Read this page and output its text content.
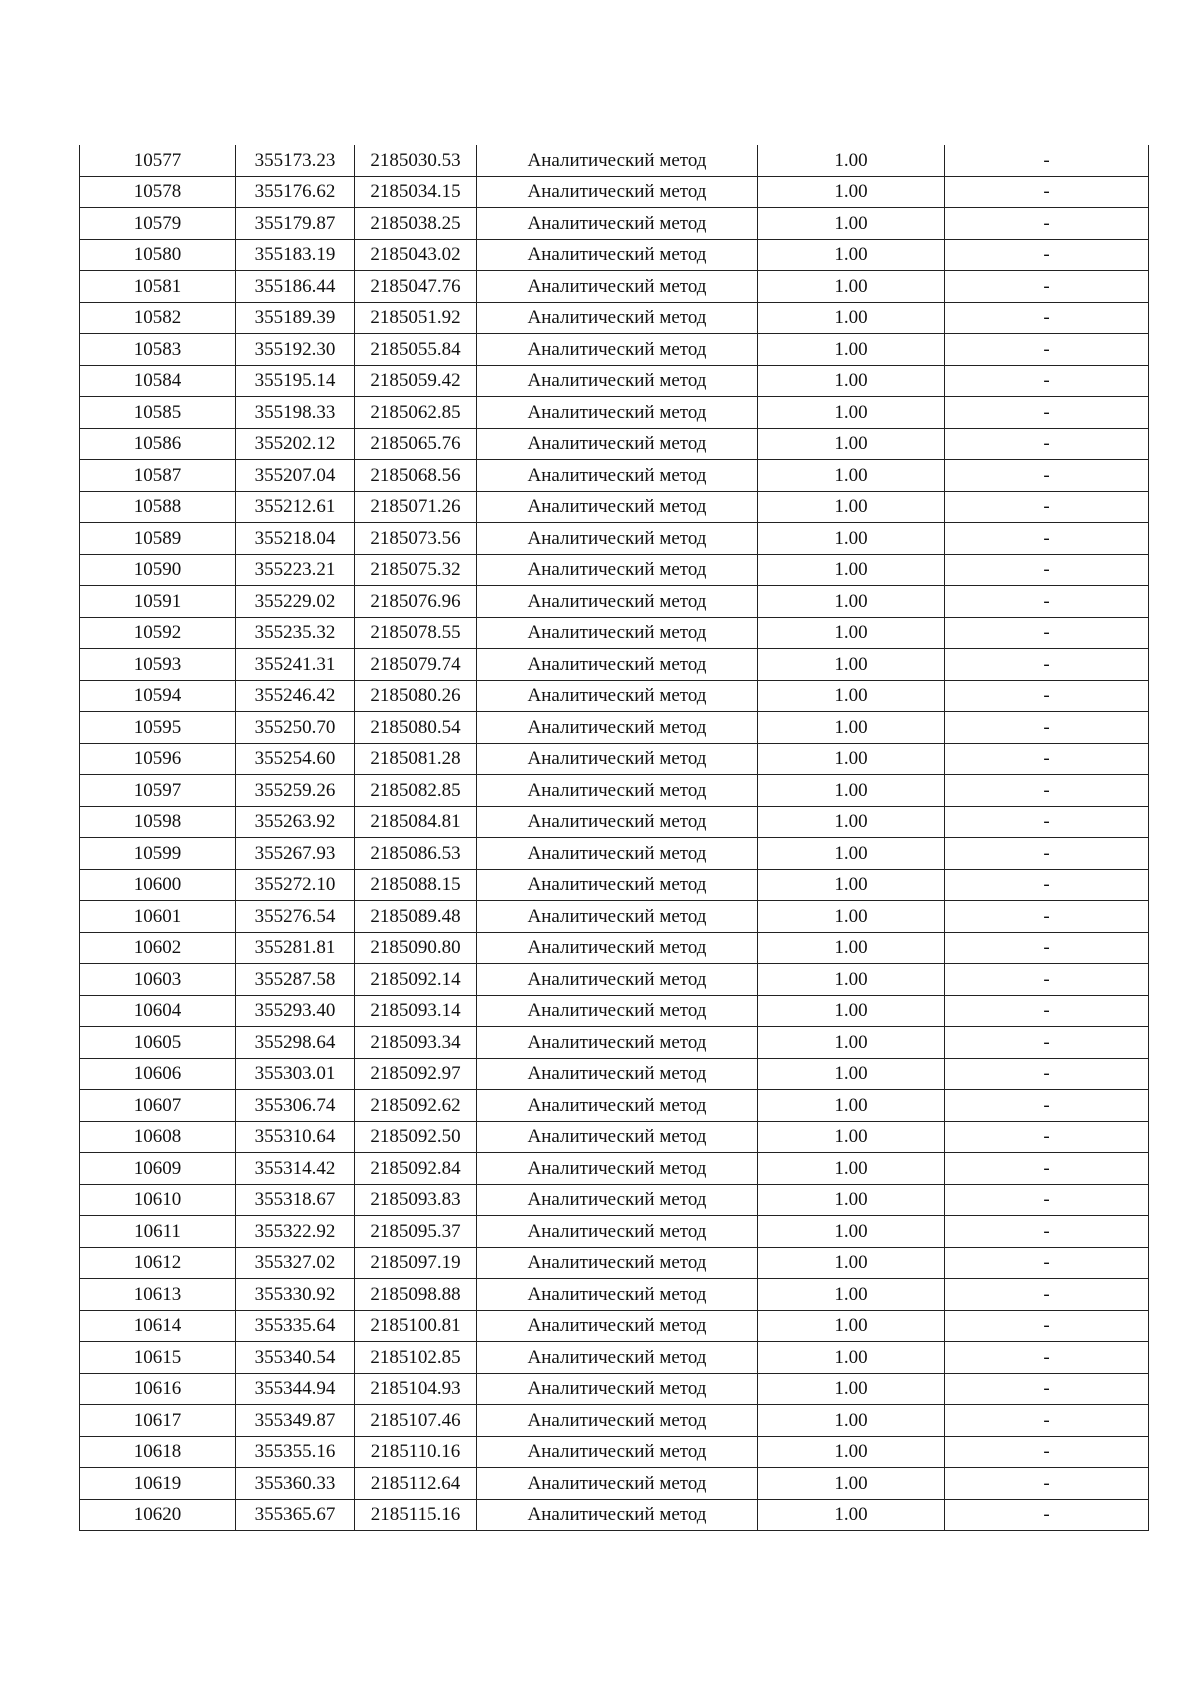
10577	355173.23	2185030.53	Аналитический метод	1.00	-
10578	355176.62	2185034.15	Аналитический метод	1.00	-
10579	355179.87	2185038.25	Аналитический метод	1.00	-
10580	355183.19	2185043.02	Аналитический метод	1.00	-
10581	355186.44	2185047.76	Аналитический метод	1.00	-
10582	355189.39	2185051.92	Аналитический метод	1.00	-
10583	355192.30	2185055.84	Аналитический метод	1.00	-
10584	355195.14	2185059.42	Аналитический метод	1.00	-
10585	355198.33	2185062.85	Аналитический метод	1.00	-
10586	355202.12	2185065.76	Аналитический метод	1.00	-
10587	355207.04	2185068.56	Аналитический метод	1.00	-
10588	355212.61	2185071.26	Аналитический метод	1.00	-
10589	355218.04	2185073.56	Аналитический метод	1.00	-
10590	355223.21	2185075.32	Аналитический метод	1.00	-
10591	355229.02	2185076.96	Аналитический метод	1.00	-
10592	355235.32	2185078.55	Аналитический метод	1.00	-
10593	355241.31	2185079.74	Аналитический метод	1.00	-
10594	355246.42	2185080.26	Аналитический метод	1.00	-
10595	355250.70	2185080.54	Аналитический метод	1.00	-
10596	355254.60	2185081.28	Аналитический метод	1.00	-
10597	355259.26	2185082.85	Аналитический метод	1.00	-
10598	355263.92	2185084.81	Аналитический метод	1.00	-
10599	355267.93	2185086.53	Аналитический метод	1.00	-
10600	355272.10	2185088.15	Аналитический метод	1.00	-
10601	355276.54	2185089.48	Аналитический метод	1.00	-
10602	355281.81	2185090.80	Аналитический метод	1.00	-
10603	355287.58	2185092.14	Аналитический метод	1.00	-
10604	355293.40	2185093.14	Аналитический метод	1.00	-
10605	355298.64	2185093.34	Аналитический метод	1.00	-
10606	355303.01	2185092.97	Аналитический метод	1.00	-
10607	355306.74	2185092.62	Аналитический метод	1.00	-
10608	355310.64	2185092.50	Аналитический метод	1.00	-
10609	355314.42	2185092.84	Аналитический метод	1.00	-
10610	355318.67	2185093.83	Аналитический метод	1.00	-
10611	355322.92	2185095.37	Аналитический метод	1.00	-
10612	355327.02	2185097.19	Аналитический метод	1.00	-
10613	355330.92	2185098.88	Аналитический метод	1.00	-
10614	355335.64	2185100.81	Аналитический метод	1.00	-
10615	355340.54	2185102.85	Аналитический метод	1.00	-
10616	355344.94	2185104.93	Аналитический метод	1.00	-
10617	355349.87	2185107.46	Аналитический метод	1.00	-
10618	355355.16	2185110.16	Аналитический метод	1.00	-
10619	355360.33	2185112.64	Аналитический метод	1.00	-
10620	355365.67	2185115.16	Аналитический метод	1.00	-
